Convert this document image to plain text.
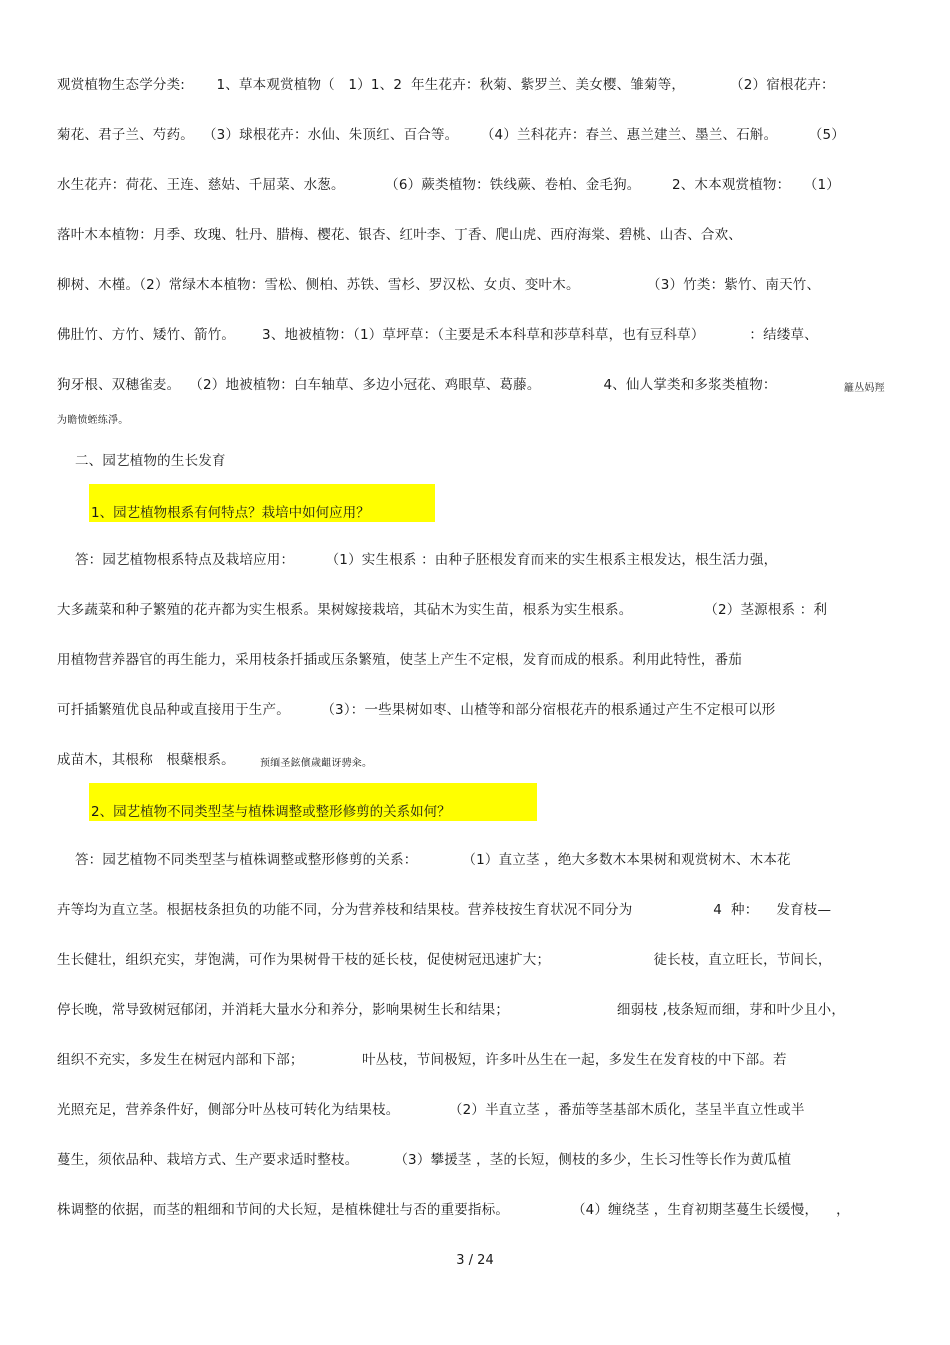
观赏植物生态学分类:       1、草本观赏植物（   1）1、2  年生花卉：秋菊、紫罗兰、美女樱、雏菊等，          （2）宿根花卉：
菊花、君子兰、芍药。  （3）球根花卉：水仙、朱顶红、百合等。     （4）兰科花卉：春兰、惠兰建兰、墨兰、石斛。       （5）
水生花卉：荷花、王连、慈姑、千屈菜、水葱。         （6）蕨类植物：铁线蕨、卷柏、金毛狗。       2、木本观赏植物：   （1）
落叶木本植物：月季、玫瑰、牡丹、腊梅、樱花、银杏、红叶李、丁香、爬山虎、西府海棠、碧桃、山杏、合欢、
柳树、木槿。（2）常绿木本植物：雪松、侧柏、苏铁、雪杉、罗汉松、女贞、变叶木。               （3）竹类：紫竹、南天竹、
佛肚竹、方竹、矮竹、箭竹。      3、地被植物：（1）草坪草：（主要是禾本科草和莎草科草，也有豆科草）          ：结缕草、
狗牙根、双穗雀麦。  （2）地被植物：白车轴草、多边小冠花、鸡眼草、葛藤。              4、仙人掌类和多浆类植物：	籬丛妈羥
为瞻愤蛭练淨。
二、园艺植物的生长发育
1、园艺植物根系有何特点？栽培中如何应用？
答：园艺植物根系特点及栽培应用：       （1）实生根系 ：由种子胚根发育而来的实生根系主根发达，根生活力强，
大多蔬菜和种子繁殖的花卉都为实生根系。果树嫁接栽培，其砧木为实生苗，根系为实生根系。                （2）茎源根系 ：利
用植物营养器官的再生能力，采用枝条扦插或压条繁殖，使茎上产生不定根，发育而成的根系。利用此特性，番茄
可扦插繁殖优良品种或直接用于生产。       （3）：一些果树如枣、山楂等和部分宿根花卉的根系通过产生不定根可以形
成苗木，其根称   根蘖根系。	预缅圣鉉儐歲齟讶骋籴。
2、园艺植物不同类型茎与植株调整或整形修剪的关系如何？
答：园艺植物不同类型茎与植株调整或整形修剪的关系：          （1）直立茎 ，绝大多数木本果树和观赏树木、木本花
卉等均为直立茎。根据枝条担负的功能不同，分为营养枝和结果枝。营养枝按生育状况不同分为                  4  种：    发育枝—
生长健壮，组织充实，芽饱满，可作为果树骨干枝的延长枝，促使树冠迅速扩大；                       徒长枝，直立旺长，节间长，
停长晚，常导致树冠郁闭，并消耗大量水分和养分，影响果树生长和结果；                        细弱枝 ,枝条短而细，芽和叶少且小，
组织不充实，多发生在树冠内部和下部；             叶丛枝，节间极短，许多叶丛生在一起，多发生在发育枝的中下部。若
光照充足，营养条件好，侧部分叶丛枝可转化为结果枝。           （2）半直立茎 ，番茄等茎基部木质化，茎呈半直立性或半
蔓生，须依品种、栽培方式、生产要求适时整枝。        （3）攀援茎 ，茎的长短，侧枝的多少，生长习性等长作为黄瓜植
株调整的依据，而茎的粗细和节间的犬长短，是植株健壮与否的重要指标。              （4）缠绕茎 ，生育初期茎蔓生长缓慢，    ，
3 / 24
